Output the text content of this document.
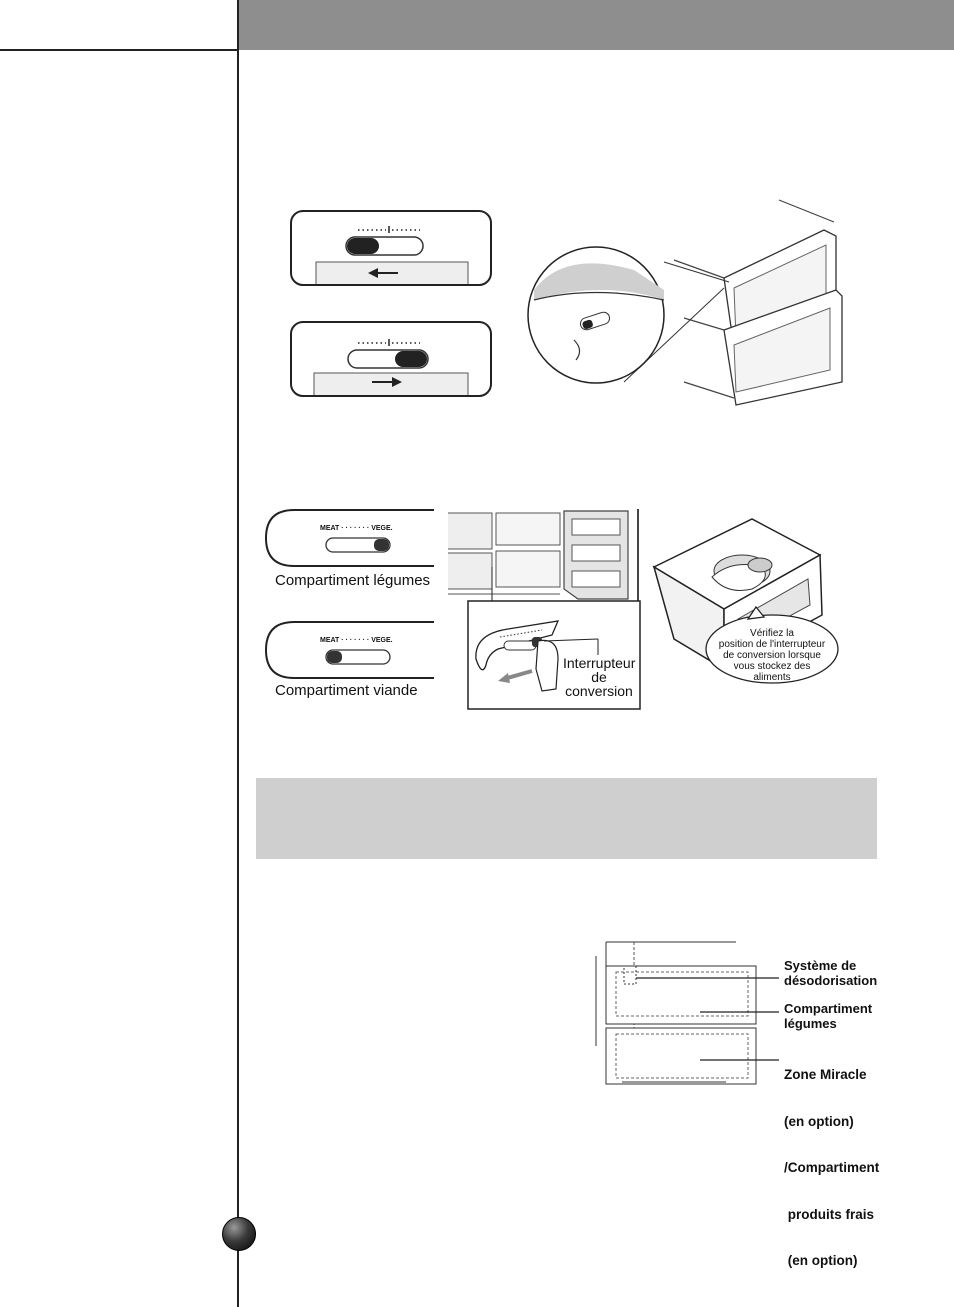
MEAT · · · · · · · VEGE.
Compartiment légumes
MEAT · · · · · · · VEGE.
Compartiment viande
Interrupteur
de
conversion
Vérifiez la
position de l'interrupteur
de conversion lorsque
vous stockez des
aliments
Système de
désodorisation
Compartiment
légumes

Zone Miracle

(en option)

/Compartiment

produits frais

(en option)
